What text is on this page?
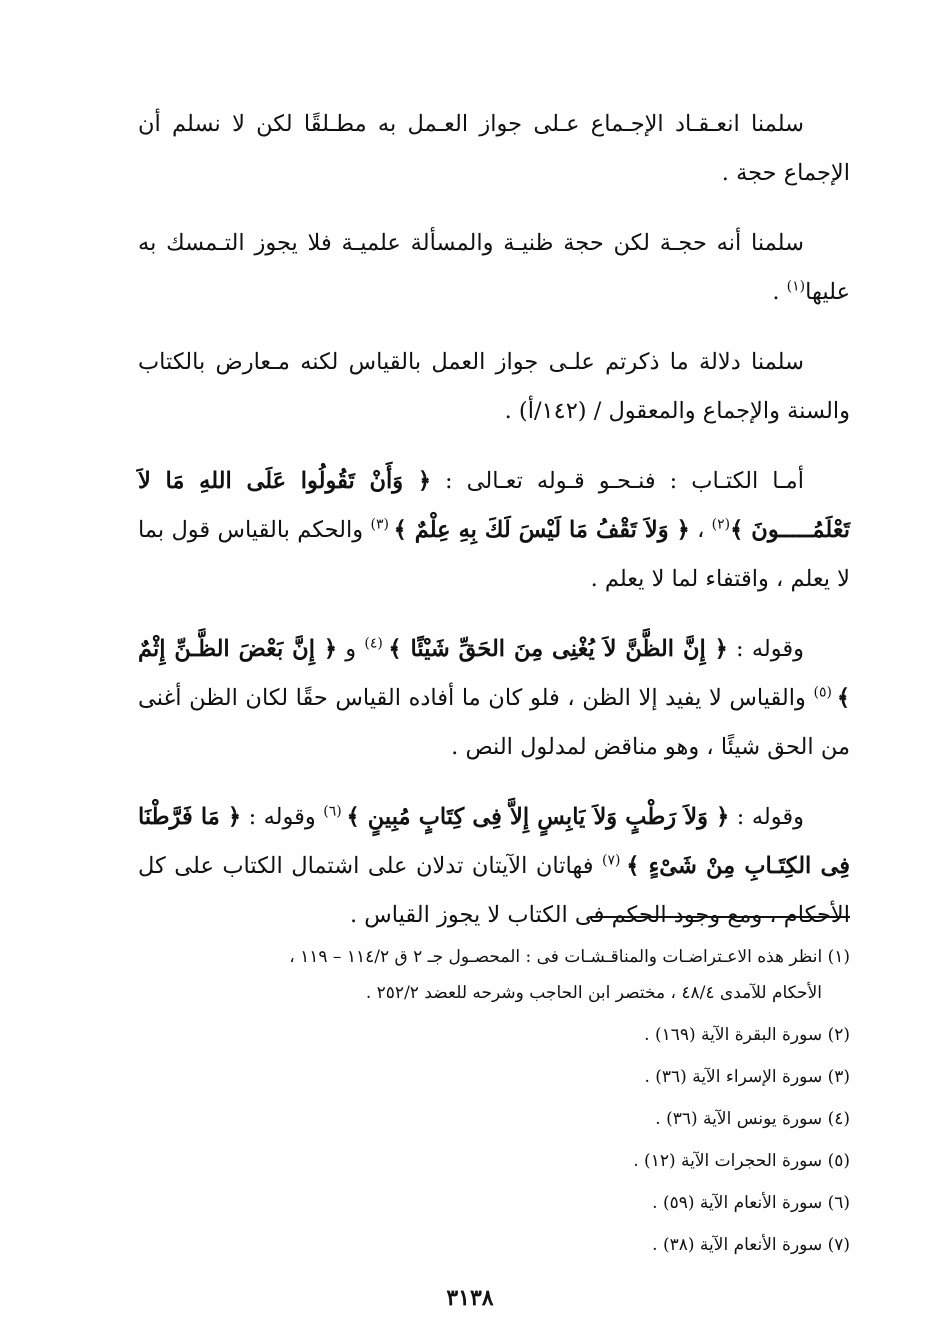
سلمنا انعـقـاد الإجـماع عـلى جواز العـمل به مطـلقًا لكن لا نسلم أن الإجماع حجة .

سلمنا أنه حجـة لكن حجة ظنيـة والمسألة علميـة فلا يجوز التـمسك به عليها$^{(١)}$ .

سلمنا دلالة ما ذكرتم علـى جواز العمل بالقياس لكنه مـعارض بالكتاب والسنة والإجماع والمعقول / (١٤٢/أ) .

أمـا الكتـاب : فنـحـو قـوله تعـالى : ﴿ وَأَنْ تَقُولُوا عَلَى اللهِ مَا لاَ تَعْلَمُـــــونَ ﴾$^{(٢)}$ ، ﴿ وَلاَ تَقْفُ مَا لَيْسَ لَكَ بِهِ عِلْمٌ ﴾ $^{(٣)}$ والحكم بالقياس قول بما لا يعلم ، واقتفاء لما لا يعلم .

وقوله : ﴿ إِنَّ الظَّنَّ لاَ يُغْنِى مِنَ الحَقِّ شَيْئًا ﴾ $^{(٤)}$ و ﴿ إِنَّ بَعْضَ الظَّـنِّ إِثْمٌ ﴾ $^{(٥)}$ والقياس لا يفيد إلا الظن ، فلو كان ما أفاده القياس حقًا لكان الظن أغنى من الحق شيئًا ، وهو مناقض لمدلول النص .

وقوله : ﴿ وَلاَ رَطْبٍ وَلاَ يَابِسٍ إِلاَّ فِى كِتَابٍ مُبِينٍ ﴾ $^{(٦)}$ وقوله : ﴿ مَا فَرَّطْنَا فِى الكِتَـابِ مِنْ شَىْءٍ ﴾ $^{(٧)}$ فهاتان الآيتان تدلان على اشتمال الكتاب على كل الأحكام ، ومع وجود الحكم فى الكتاب لا يجوز القياس .

(١) انظر هذه الاعـتراضـات والمناقـشـات فى : المحصـول جـ ٢ ق ١١٤/٢ – ١١٩ ،

الأحكام للآمدى ٤٨/٤ ، مختصر ابن الحاجب وشرحه للعضد ٢٥٢/٢ .

(٢) سورة البقرة الآية (١٦٩) .

(٣) سورة الإسراء الآية (٣٦) .

(٤) سورة يونس الآية (٣٦) .

(٥) سورة الحجرات الآية (١٢) .

(٦) سورة الأنعام الآية (٥٩) .

(٧) سورة الأنعام الآية (٣٨) .

٣١٣٨
